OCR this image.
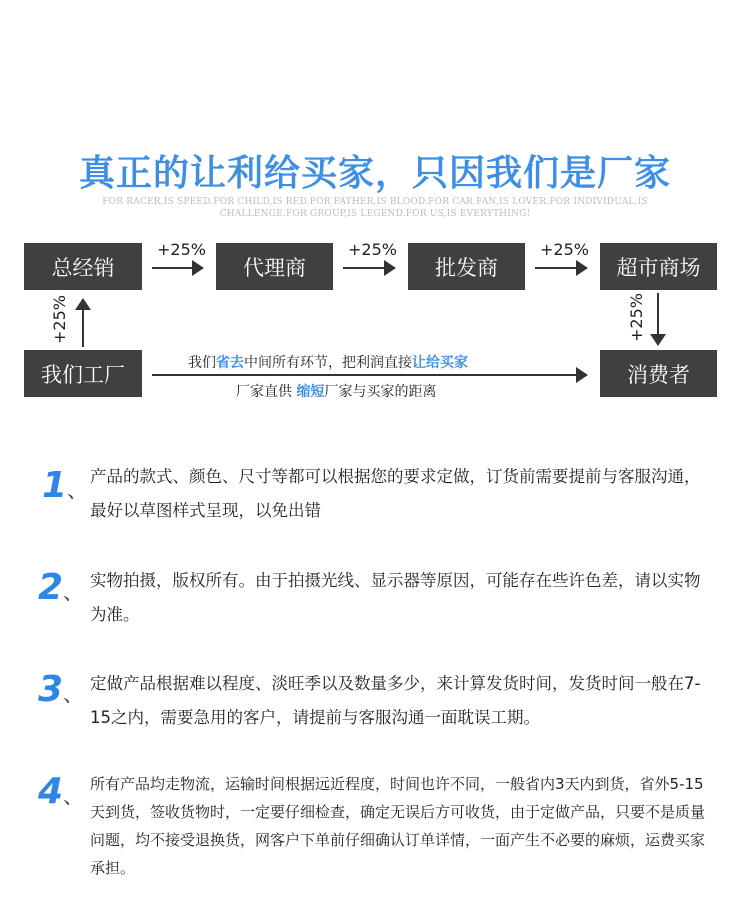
真正的让利给买家，只因我们是厂家
FOR RACER,IS SPEED.FOR CHILD,IS RED.FOR FATHER,IS BLOOD.FOR CAR FAN,IS LOVER.FOR INDIVIDUAL,IS CHALLENGE.FOR GROUP,IS LEGEND.FOR US,IS EVERYTHING!
总经销	代理商	批发商	超市商场
我们工厂	消费者
+25%	+25%	+25%
+25%	+25%
我们省去中间所有环节，把利润直接让给买家
厂家直供 缩短厂家与买家的距离
1、
产品的款式、颜色、尺寸等都可以根据您的要求定做，订货前需要提前与客服沟通，最好以草图样式呈现，以免出错
2、 实物拍摄，版权所有。由于拍摄光线、显示器等原因，可能存在些许色差，请以实物为准。
3、 定做产品根据难以程度、淡旺季以及数量多少，来计算发货时间，发货时间一般在7-15之内，需要急用的客户，请提前与客服沟通一面耽误工期。
4、 所有产品均走物流，运输时间根据远近程度，时间也许不同，一般省内3天内到货，省外5-15天到货，签收货物时，一定要仔细检查，确定无误后方可收货，由于定做产品，只要不是质量问题，均不接受退换货，网客户下单前仔细确认订单详情，一面产生不必要的麻烦，运费买家承担。
